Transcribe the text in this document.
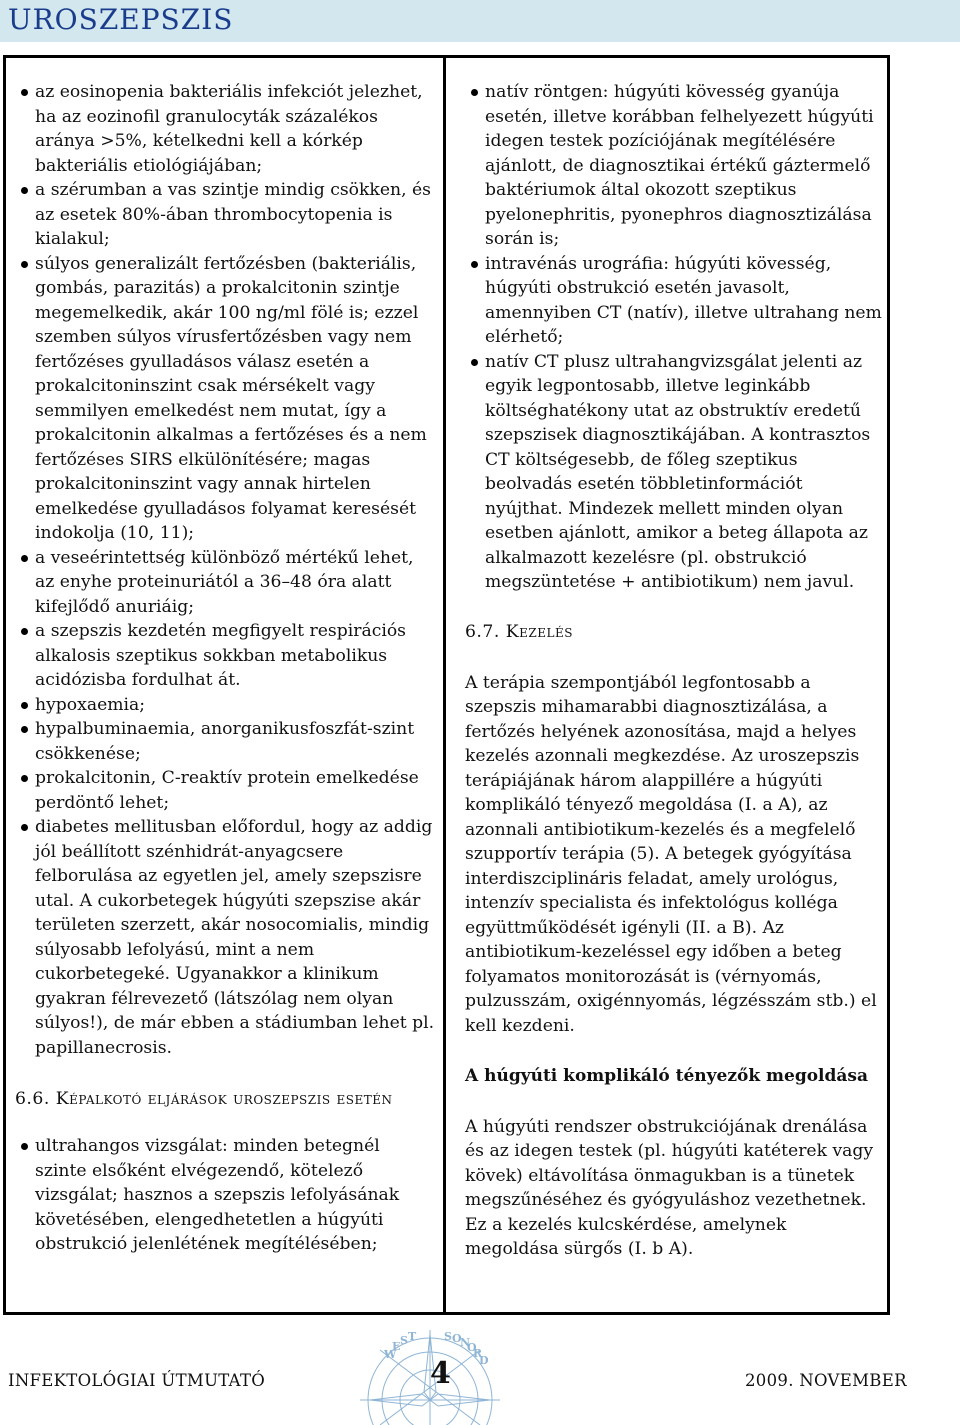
UROSZEPSZIS
az eosinopenia bakteriális infekciót jelezhet, ha az eozinofil granulocyták százalékos aránya >5%, kételkedni kell a kórkép bakteriális etiológiájában;
a szérumban a vas szintje mindig csökken, és az esetek 80%-ában thrombocytopenia is kialakul;
súlyos generalizált fertőzésben (bakteriális, gombás, parazitás) a prokalcitonin szintje megemelkedik, akár 100 ng/ml fölé is; ezzel szemben súlyos vírusfertőzésben vagy nem fertőzéses gyulladásos válasz esetén a prokalcitoninszint csak mérsékelt vagy semmilyen emelkedést nem mutat, így a prokalcitonin alkalmas a fertőzéses és a nem fertőzéses SIRS elkülönítésére; magas prokalcitoninszint vagy annak hirtelen emelkedése gyulladásos folyamat keresését indokolja (10, 11);
a veseérintettség különböző mértékű lehet, az enyhe proteinuriától a 36–48 óra alatt kifejlődő anuriáig;
a szepszis kezdetén megfigyelt respirációs alkalosis szeptikus sokkban metabolikus acidózisba fordulhat át.
hypoxaemia;
hypalbuminaemia, anorganikusfoszfát-szint csökkenése;
prokalcitonin, C-reaktív protein emelkedése perdöntő lehet;
diabetes mellitusban előfordul, hogy az addig jól beállított szénhidrát-anyagcsere felborulása az egyetlen jel, amely szepszisre utal. A cukorbetegek húgyúti szepszise akár területen szerzett, akár nosocomialis, mindig súlyosabb lefolyású, mint a nem cukorbetegeké. Ugyanakkor a klinikum gyakran félrevezető (látszólag nem olyan súlyos!), de már ebben a stádiumban lehet pl. papillanecrosis.
6.6. Képalkotó eljárások uroszepszis esetén
ultrahangos vizsgálat: minden betegnél szinte elsőként elvégezendő, kötelező vizsgálat; hasznos a szepszis lefolyásának követésében, elengedhetetlen a húgyúti obstrukció jelenlétének megítélésében;
natív röntgen: húgyúti kövesség gyanúja esetén, illetve korábban felhelyezett húgyúti idegen testek pozíciójának megítélésére ajánlott, de diagnosztikai értékű gáztermelő baktériumok által okozott szeptikus pyelonephritis, pyonephros diagnosztizálása során is;
intravénás urográfia: húgyúti kövesség, húgyúti obstrukció esetén javasolt, amennyiben CT (natív), illetve ultrahang nem elérhető;
natív CT plusz ultrahangvizsgálat jelenti az egyik legpontosabb, illetve leginkább költséghatékony utat az obstruktív eredetű szepszisek diagnosztikájában. A kontrasztos CT költségesebb, de főleg szeptikus beolvadás esetén többletinformációt nyújthat. Mindezek mellett minden olyan esetben ajánlott, amikor a beteg állapota az alkalmazott kezelésre (pl. obstrukció megszüntetése + antibiotikum) nem javul.
6.7. Kezelés

A terápia szempontjából legfontosabb a szepszis mihamarabbi diagnosztizálása, a fertőzés helyének azonosítása, majd a helyes kezelés azonnali megkezdése. Az uroszepszis terápiájának három alappillére a húgyúti komplikáló tényező megoldása (I. a A), az azonnali antibiotikum-kezelés és a megfelelő szupportív terápia (5). A betegek gyógyítása interdiszciplináris feladat, amely urológus, intenzív specialista és infektológus kolléga együttműködését igényli (II. a B). Az antibiotikum-kezeléssel egy időben a beteg folyamatos monitorozását is (vérnyomás, pulzusszám, oxigénnyomás, légzésszám stb.) el kell kezdeni.

A húgyúti komplikáló tényezők megoldása

A húgyúti rendszer obstrukciójának drenálása és az idegen testek (pl. húgyúti katéterek vagy kövek) eltávolítása önmagukban is a tünetek megszűnéséhez és gyógyuláshoz vezethetnek. Ez a kezelés kulcskérdése, amelynek megoldása sürgős (I. b A).

W
E S T	S O
N
O
R
D
INFEKTOLÓGIAI ÚTMUTATÓ	4	2009. NOVEMBER
